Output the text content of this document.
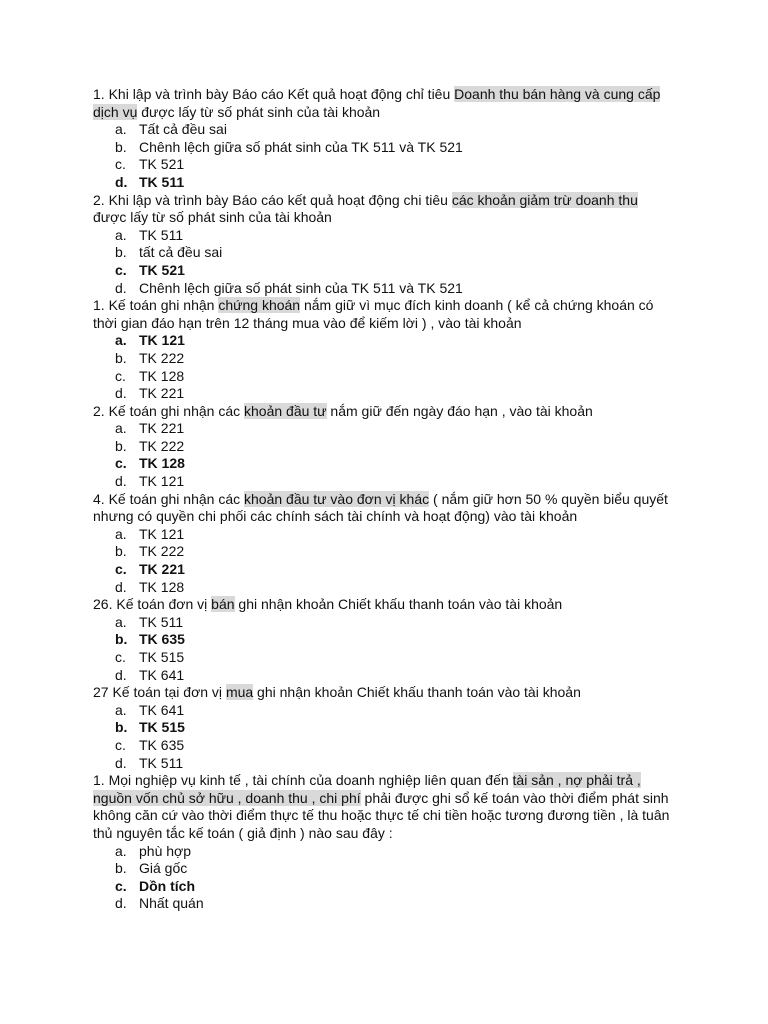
1. Khi lập và trình bày Báo cáo Kết quả hoạt động chỉ tiêu Doanh thu bán hàng và cung cấp dịch vụ được lấy từ số phát sinh của tài khoản

a. Tất cả đều sai
b. Chênh lệch giữa số phát sinh của TK 511 và TK 521
c. TK 521
d. TK 511

2. Khi lập và trình bày Báo cáo kết quả hoạt động chi tiêu các khoản giảm trừ doanh thu được lấy từ số phát sinh của tài khoản

a. TK 511
b. tất cả đều sai
c. TK 521
d. Chênh lệch giữa số phát sinh của TK 511 và TK 521

1. Kế toán ghi nhận chứng khoán nắm giữ vì mục đích kinh doanh ( kể cả chứng khoán có thời gian đáo hạn trên 12 tháng mua vào để kiếm lời ) , vào tài khoản

a. TK 121
b. TK 222
c. TK 128
d. TK 221

2. Kế toán ghi nhận các khoản đầu tư nắm giữ đến ngày đáo hạn , vào tài khoản

a. TK 221
b. TK 222
c. TK 128
d. TK 121

4. Kế toán ghi nhận các khoản đầu tư vào đơn vị khác ( nắm giữ hơn 50 % quyền biểu quyết nhưng có quyền chi phối các chính sách tài chính và hoạt động) vào tài khoản

a. TK 121
b. TK 222
c. TK 221
d. TK 128

26. Kế toán đơn vị bán ghi nhận khoản Chiết khấu thanh toán vào tài khoản

a. TK 511
b. TK 635
c. TK 515
d. TK 641

27 Kế toán tại đơn vị mua ghi nhận khoản Chiết khấu thanh toán vào tài khoản

a. TK 641
b. TK 515
c. TK 635
d. TK 511

1. Mọi nghiệp vụ kinh tế , tài chính của doanh nghiệp liên quan đến tài sản , nợ phải trả , nguồn vốn chủ sở hữu , doanh thu , chi phí phải được ghi sổ kế toán vào thời điểm phát sinh không căn cứ vào thời điểm thực tế thu hoặc thực tế chi tiền hoặc tương đương tiền , là tuân thủ nguyên tắc kế toán ( giả định ) nào sau đây :

a. phù hợp
b. Giá gốc
c. Dồn tích
d. Nhất quán
